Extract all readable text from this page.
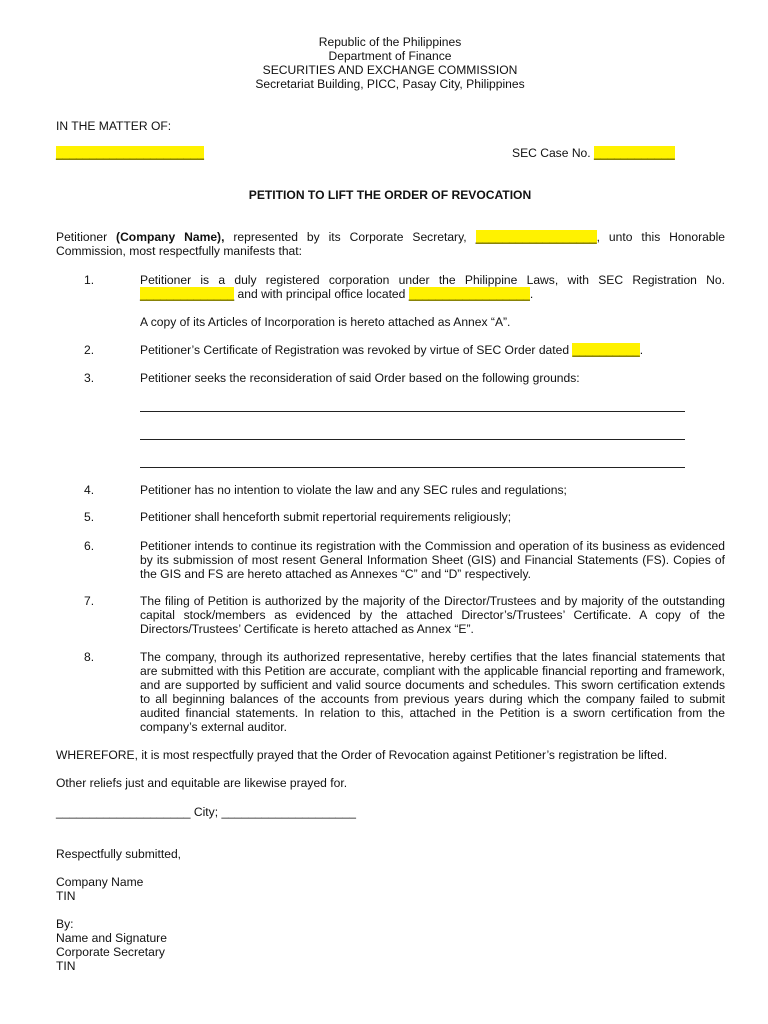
Republic of the Philippines
Department of Finance
SECURITIES AND EXCHANGE COMMISSION
Secretariat Building, PICC, Pasay City, Philippines
IN THE MATTER OF:
______________________	SEC Case No. ____________
PETITION TO LIFT THE ORDER OF REVOCATION
Petitioner (Company Name), represented by its Corporate Secretary, __________________, unto this Honorable Commission, most respectfully manifests that:
1.	Petitioner is a duly registered corporation under the Philippine Laws, with SEC Registration No. ______________ and with principal office located __________________.
A copy of its Articles of Incorporation is hereto attached as Annex “A”.
2.	Petitioner’s Certificate of Registration was revoked by virtue of SEC Order dated __________.
3.	Petitioner seeks the reconsideration of said Order based on the following grounds:
4.	Petitioner has no intention to violate the law and any SEC rules and regulations;
5.	Petitioner shall henceforth submit repertorial requirements religiously;
6.	Petitioner intends to continue its registration with the Commission and operation of its business as evidenced by its submission of most resent General Information Sheet (GIS) and Financial Statements (FS). Copies of the GIS and FS are hereto attached as Annexes “C” and “D” respectively.
7.	The filing of Petition is authorized by the majority of the Director/Trustees and by majority of the outstanding capital stock/members as evidenced by the attached Director’s/Trustees’ Certificate. A copy of the Directors/Trustees’ Certificate is hereto attached as Annex “E”.
8.	The company, through its authorized representative, hereby certifies that the lates financial statements that are submitted with this Petition are accurate, compliant with the applicable financial reporting and framework, and are supported by sufficient and valid source documents and schedules. This sworn certification extends to all beginning balances of the accounts from previous years during which the company failed to submit audited financial statements. In relation to this, attached in the Petition is a sworn certification from the company’s external auditor.
WHEREFORE, it is most respectfully prayed that the Order of Revocation against Petitioner’s registration be lifted.
Other reliefs just and equitable are likewise prayed for.
____________________ City; ____________________
Respectfully submitted,
Company Name
TIN
By:
Name and Signature
Corporate Secretary
TIN
